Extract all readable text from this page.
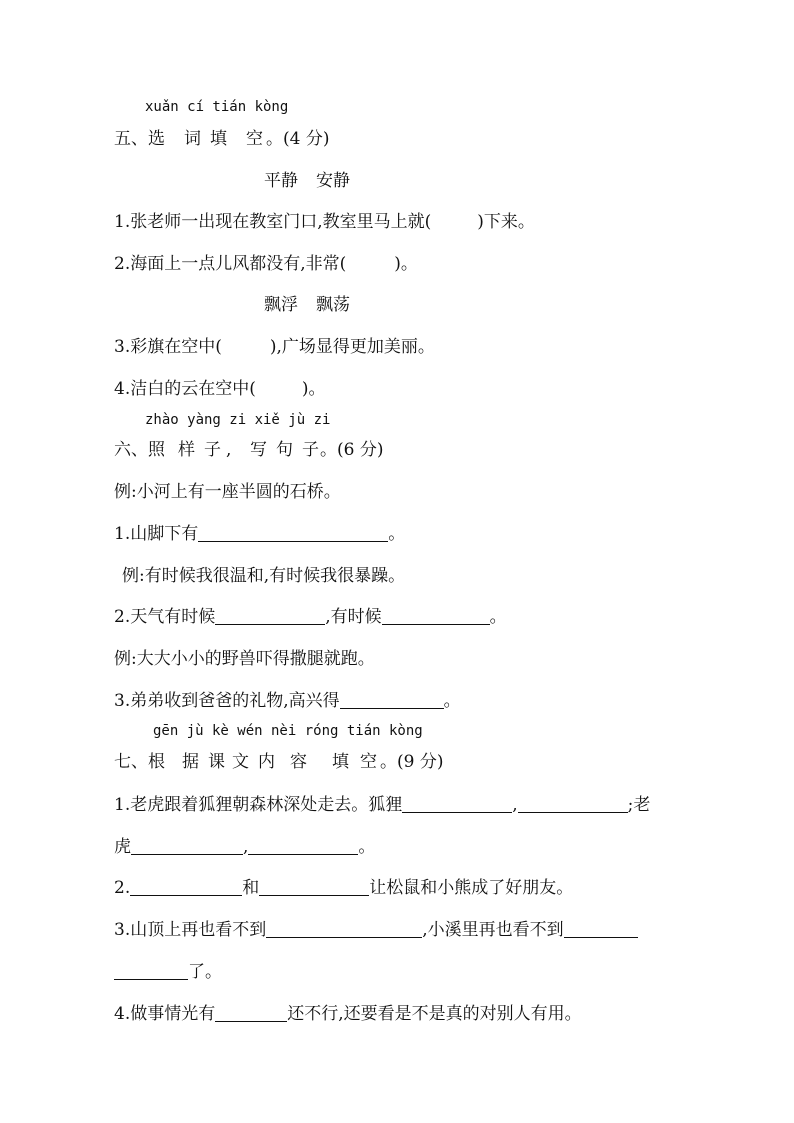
xuǎn cí tián kòng
五、选 词 填 空 。(4 分)
平静 安静
1.张老师一出现在教室门口,教室里马上就(	)下来。
2.海面上一点儿风都没有,非常(	)。
飘浮 飘荡
3.彩旗在空中(	),广场显得更加美丽。
4.洁白的云在空中(	)。
zhào yàng zi xiě jù zi
六、照 样 子 , 写 句 子。(6 分)
例:小河上有一座半圆的石桥。
1.山脚下有	。
例:有时候我很温和,有时候我很暴躁。
2.天气有时候	,有时候	。
例:大大小小的野兽吓得撒腿就跑。
3.弟弟收到爸爸的礼物,高兴得	。
gēn jù kè wén nèi róng tián kòng
七、根 据 课 文 内 容 填 空 。(9 分)
1.老虎跟着狐狸朝森林深处走去。狐狸	,	;老
虎	,	。
2.	和	让松鼠和小熊成了好朋友。
3.山顶上再也看不到	,小溪里再也看不到
了。
4.做事情光有	还不行,还要看是不是真的对别人有用。
